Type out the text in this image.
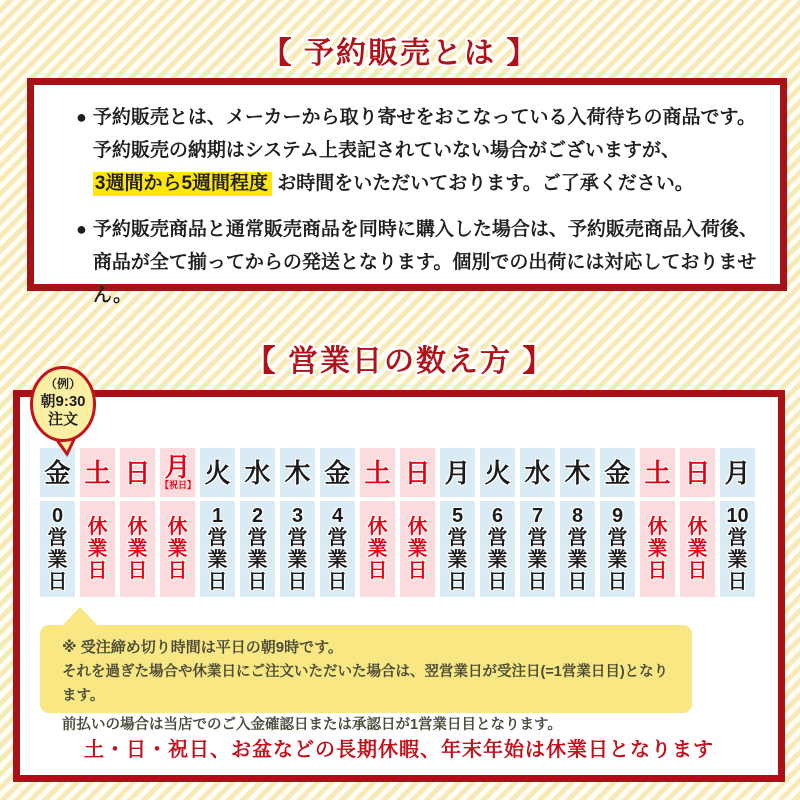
【 予約販売とは 】
● 予約販売とは、メーカーから取り寄せをおこなっている入荷待ちの商品です。
予約販売の納期はシステム上表記されていない場合がございますが、
3週間から5週間程度 お時間をいただいております。ご了承ください。
● 予約販売商品と通常販売商品を同時に購入した場合は、予約販売商品入荷後、
商品が全て揃ってからの発送となります。個別での出荷には対応しておりません。
【 営業日の数え方 】
（例）
朝9:30
注文
金
0
営
業
日
土
休
業
日
日
休
業
日
月
【祝日】
休
業
日
火
1
営
業
日
水
2
営
業
日
木
3
営
業
日
金
4
営
業
日
土
休
業
日
日
休
業
日
月
5
営
業
日
火
6
営
業
日
水
7
営
業
日
木
8
営
業
日
金
9
営
業
日
土
休
業
日
日
休
業
日
月
10
営
業
日
※ 受注締め切り時間は平日の朝9時です。
それを過ぎた場合や休業日にご注文いただいた場合は、翌営業日が受注日(=1営業日目)となります。
前払いの場合は当店でのご入金確認日または承認日が1営業日目となります。
土・日・祝日、お盆などの長期休暇、年末年始は休業日となります
